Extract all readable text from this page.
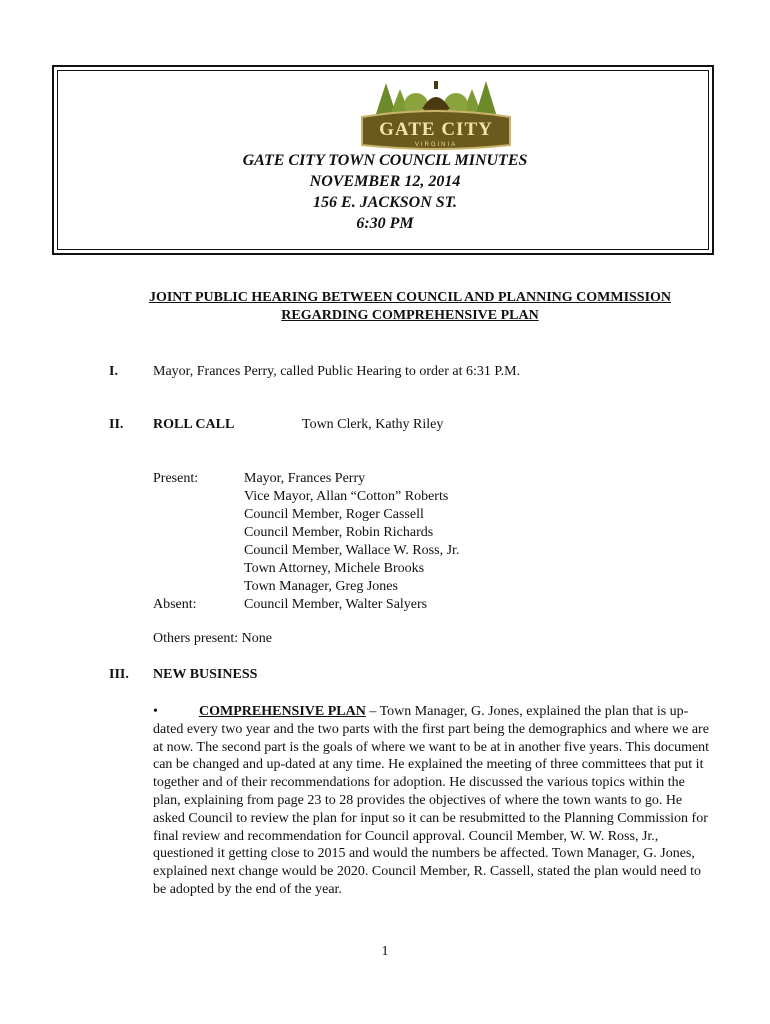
GATE CITY
VIRGINIA
GATE CITY TOWN COUNCIL MINUTES
NOVEMBER 12, 2014
156 E. JACKSON ST.
6:30 PM
JOINT PUBLIC HEARING BETWEEN COUNCIL AND PLANNING COMMISSION
REGARDING COMPREHENSIVE PLAN
I.	Mayor, Frances Perry, called Public Hearing to order at 6:31 P.M.
II. ROLL CALL	Town Clerk, Kathy Riley
Present:	Mayor, Frances Perry
Vice Mayor, Allan “Cotton” Roberts
Council Member, Roger Cassell
Council Member, Robin Richards
Council Member, Wallace W. Ross, Jr.
Town Attorney, Michele Brooks
Town Manager, Greg Jones
Absent:	Council Member, Walter Salyers
Others present: None
III. NEW BUSINESS
•	COMPREHENSIVE PLAN – Town Manager, G. Jones, explained the plan that is up-dated every two year and the two parts with the first part being the demographics and where we are at now. The second part is the goals of where we want to be at in another five years. This document can be changed and up-dated at any time. He explained the meeting of three committees that put it together and of their recommendations for adoption. He discussed the various topics within the plan, explaining from page 23 to 28 provides the objectives of where the town wants to go. He asked Council to review the plan for input so it can be resubmitted to the Planning Commission for final review and recommendation for Council approval. Council Member, W. W. Ross, Jr., questioned it getting close to 2015 and would the numbers be affected. Town Manager, G. Jones, explained next change would be 2020. Council Member, R. Cassell, stated the plan would need to be adopted by the end of the year.
1
